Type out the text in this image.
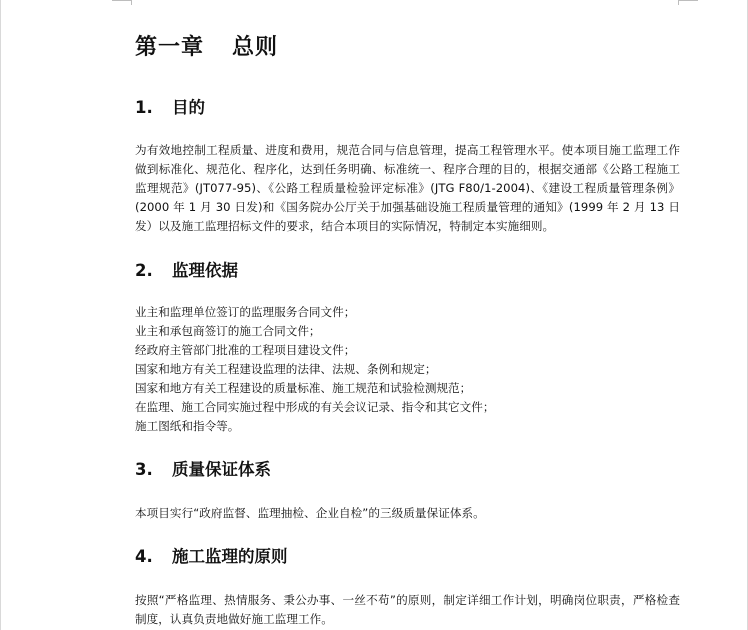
第一章 总则
1. 目的

为有效地控制工程质量、进度和费用，规范合同与信息管理，提高工程管理水平。使本项目施工监理工作做到标准化、规范化、程序化，达到任务明确、标准统一、程序合理的目的，根据交通部《公路工程施工监理规范》(JT077-95)、《公路工程质量检验评定标准》(JTG F80/1-2004)、《建设工程质量管理条例》(2000 年 1 月 30 日发)和《国务院办公厅关于加强基础设施工程质量管理的通知》(1999 年 2 月 13 日发）以及施工监理招标文件的要求，结合本项目的实际情况，特制定本实施细则。

2. 监理依据
业主和监理单位签订的监理服务合同文件；
业主和承包商签订的施工合同文件；
经政府主管部门批准的工程项目建设文件；
国家和地方有关工程建设监理的法律、法规、条例和规定；
国家和地方有关工程建设的质量标准、施工规范和试验检测规范；
在监理、施工合同实施过程中形成的有关会议记录、指令和其它文件；
施工图纸和指令等。
3. 质量保证体系

本项目实行“政府监督、监理抽检、企业自检”的三级质量保证体系。

4. 施工监理的原则

按照“严格监理、热情服务、秉公办事、一丝不苟”的原则，制定详细工作计划，明确岗位职责，严格检查制度，认真负责地做好施工监理工作。
